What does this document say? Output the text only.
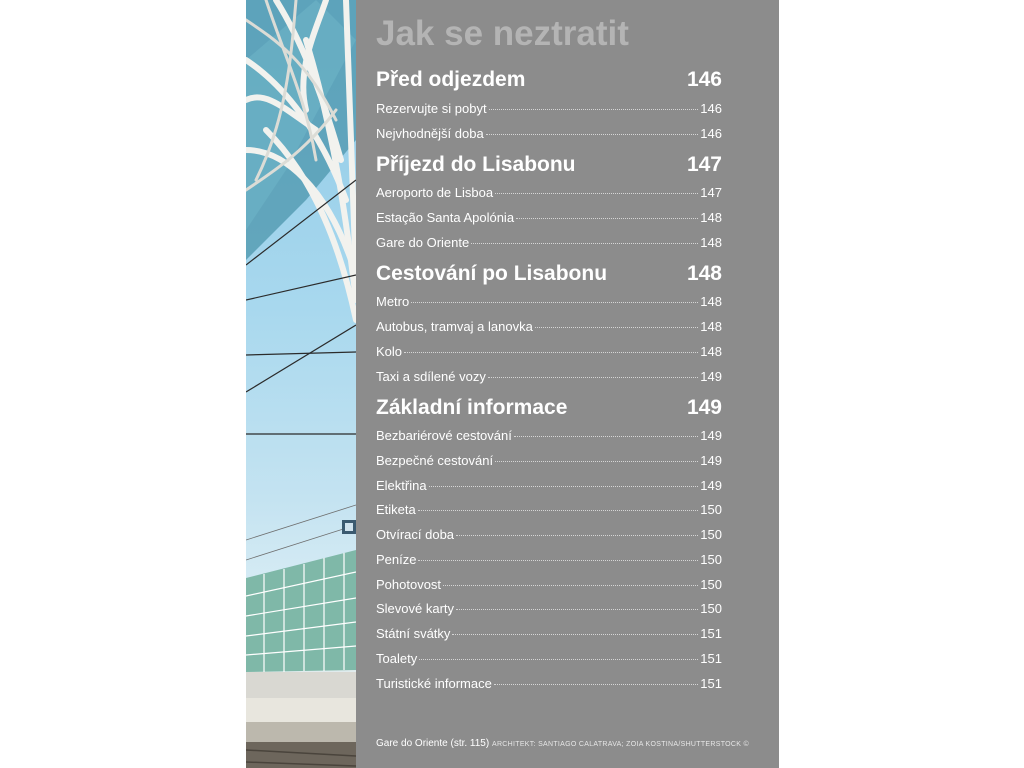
Jak se neztratit
Před odjezdem	146
Rezervujte si pobyt	146
Nejvhodnější doba	146
Příjezd do Lisabonu	147
Aeroporto de Lisboa	147
Estação Santa Apolónia	148
Gare do Oriente	148
Cestování po Lisabonu	148
Metro	148
Autobus, tramvaj a lanovka	148
Kolo	148
Taxi a sdílené vozy	149
Základní informace	149
Bezbariérové cestování	149
Bezpečné cestování	149
Elektřina	149
Etiketa	150
Otvírací doba	150
Peníze	150
Pohotovost	150
Slevové karty	150
Státní svátky	151
Toalety	151
Turistické informace	151
Gare do Oriente (str. 115) ARCHITEKT: SANTIAGO CALATRAVA; ZOIA KOSTINA/SHUTTERSTOCK ©
